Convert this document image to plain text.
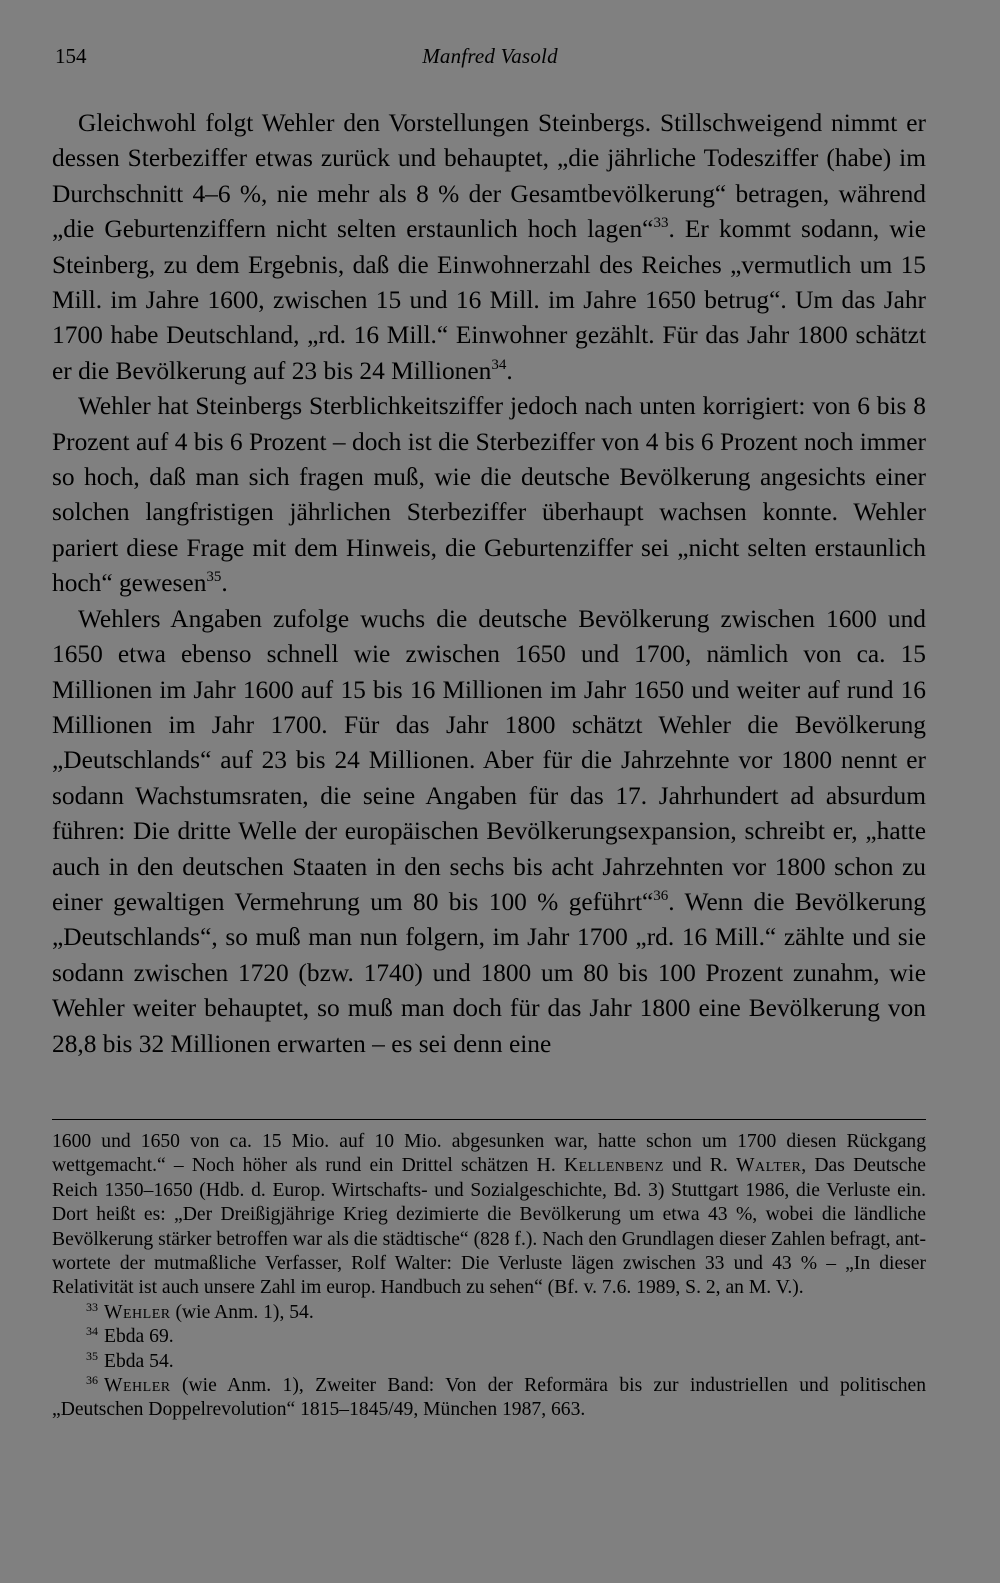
154	Manfred Vasold

Gleichwohl folgt Wehler den Vorstellungen Steinbergs. Stillschweigend nimmt er dessen Sterbeziffer etwas zurück und behauptet, „die jährliche Todesziffer (habe) im Durchschnitt 4–6 %, nie mehr als 8 % der Gesamtbevölkerung“ betragen, während „die Geburtenziffern nicht selten erstaunlich hoch lagen“$^{33}$. Er kommt sodann, wie Steinberg, zu dem Ergebnis, daß die Einwohnerzahl des Reiches „vermutlich um 15 Mill. im Jahre 1600, zwischen 15 und 16 Mill. im Jahre 1650 betrug“. Um das Jahr 1700 habe Deutschland, „rd. 16 Mill.“ Einwohner gezählt. Für das Jahr 1800 schätzt er die Bevölkerung auf 23 bis 24 Millionen$^{34}$.

Wehler hat Steinbergs Sterblichkeitsziffer jedoch nach unten korrigiert: von 6 bis 8 Prozent auf 4 bis 6 Prozent – doch ist die Sterbeziffer von 4 bis 6 Prozent noch immer so hoch, daß man sich fragen muß, wie die deutsche Bevölkerung angesichts einer solchen langfristigen jährlichen Sterbeziffer überhaupt wachsen konnte. Wehler pariert diese Frage mit dem Hinweis, die Geburtenziffer sei „nicht selten erstaunlich hoch“ gewesen$^{35}$.

Wehlers Angaben zufolge wuchs die deutsche Bevölkerung zwischen 1600 und 1650 etwa ebenso schnell wie zwischen 1650 und 1700, nämlich von ca. 15 Millionen im Jahr 1600 auf 15 bis 16 Millionen im Jahr 1650 und weiter auf rund 16 Millionen im Jahr 1700. Für das Jahr 1800 schätzt Wehler die Bevölkerung „Deutschlands“ auf 23 bis 24 Millionen. Aber für die Jahrzehnte vor 1800 nennt er sodann Wachstumsraten, die seine Angaben für das 17. Jahrhundert ad absurdum führen: Die dritte Welle der europäischen Bevölkerungsexpansion, schreibt er, „hatte auch in den deutschen Staaten in den sechs bis acht Jahrzehnten vor 1800 schon zu einer gewaltigen Vermehrung um 80 bis 100 % geführt“$^{36}$. Wenn die Bevölkerung „Deutschlands“, so muß man nun folgern, im Jahr 1700 „rd. 16 Mill.“ zählte und sie sodann zwischen 1720 (bzw. 1740) und 1800 um 80 bis 100 Prozent zunahm, wie Wehler weiter behauptet, so muß man doch für das Jahr 1800 eine Bevölkerung von 28,8 bis 32 Millionen erwarten – es sei denn eine

1600 und 1650 von ca. 15 Mio. auf 10 Mio. abgesunken war, hatte schon um 1700 diesen Rückgang wettgemacht.“ – Noch höher als rund ein Drittel schätzen H. Kellenbenz und R. Walter, Das Deutsche Reich 1350–1650 (Hdb. d. Europ. Wirtschafts- und Sozialgeschichte, Bd. 3) Stuttgart 1986, die Verluste ein. Dort heißt es: „Der Dreißigjährige Krieg dezimierte die Bevölkerung um etwa 43 %, wobei die ländliche Bevölkerung stärker betroffen war als die städtische“ (828 f.). Nach den Grundlagen dieser Zahlen befragt, antwortete der mutmaßliche Verfasser, Rolf Walter: Die Verluste lägen zwischen 33 und 43 % – „In dieser Relativität ist auch unsere Zahl im europ. Handbuch zu sehen“ (Bf. v. 7.6. 1989, S. 2, an M. V.).

$^{33}$ Wehler (wie Anm. 1), 54.

$^{34}$ Ebda 69.

$^{35}$ Ebda 54.

$^{36}$ Wehler (wie Anm. 1), Zweiter Band: Von der Reformära bis zur industriellen und politischen „Deutschen Doppelrevolution“ 1815–1845/49, München 1987, 663.
